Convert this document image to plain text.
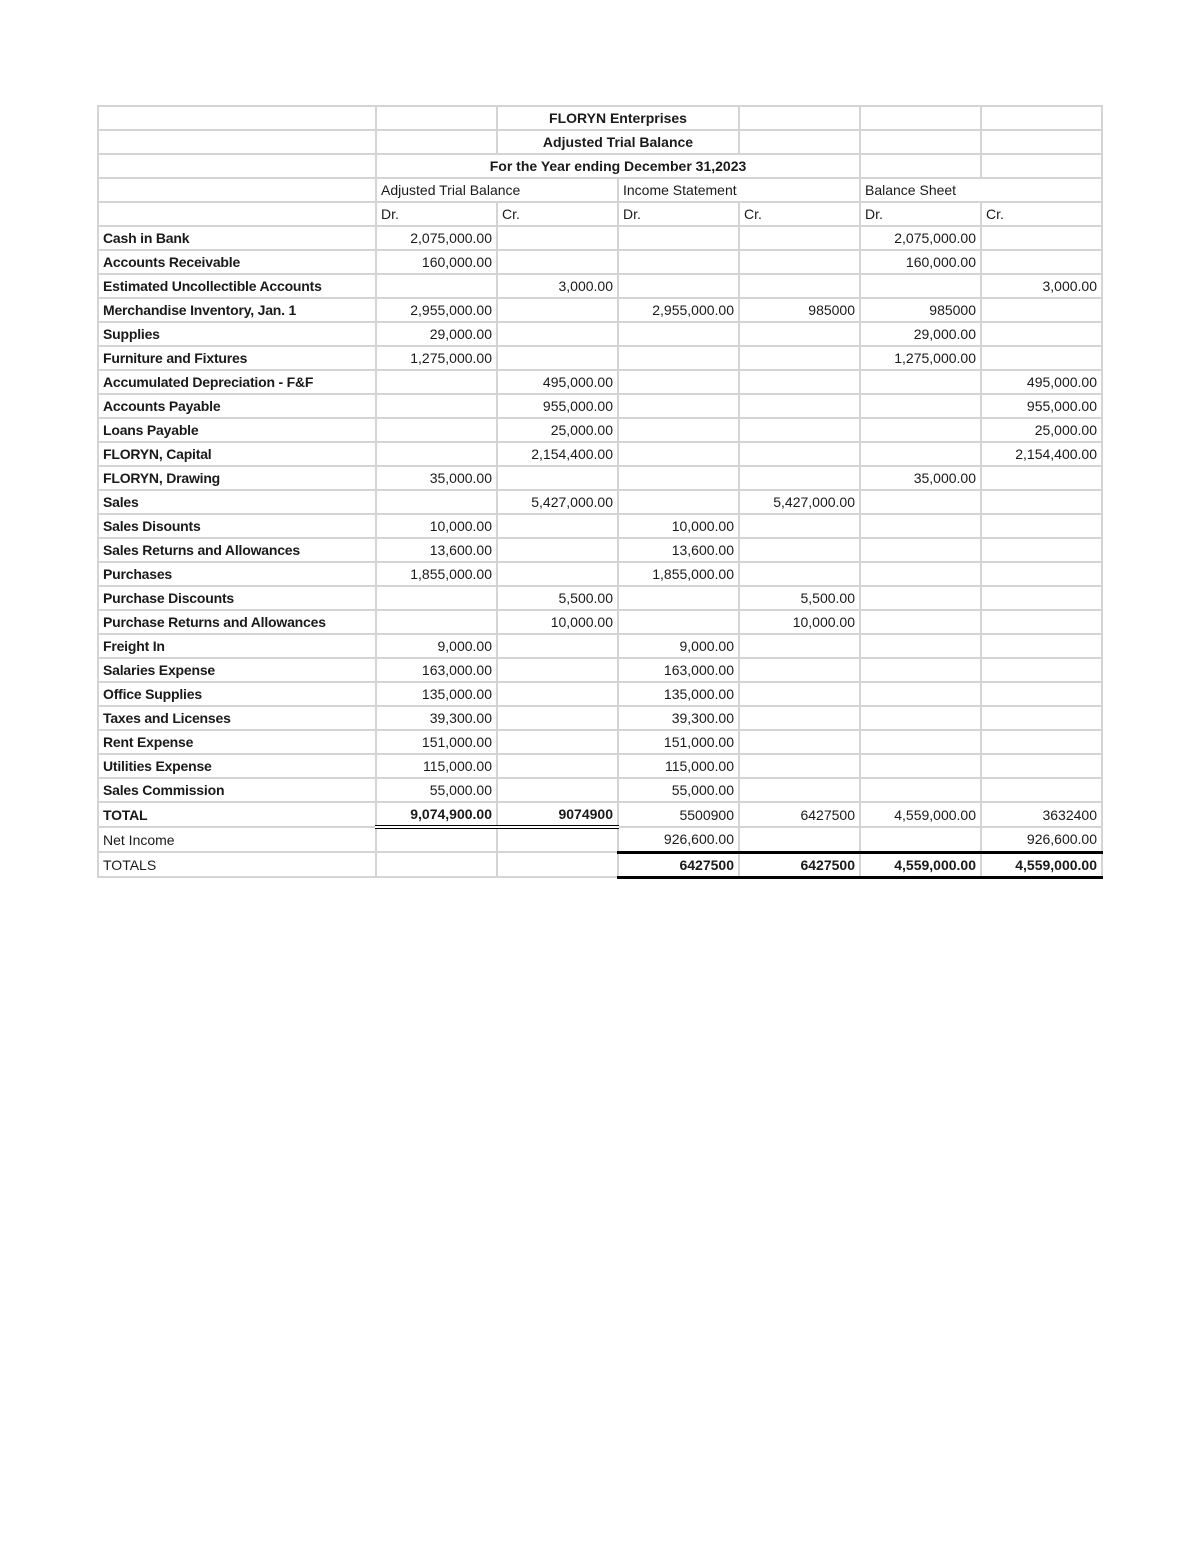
		FLORYN Enterprises				
		Adjusted Trial Balance				
	For the Year ending December 31,2023					
	Adjusted Trial Balance		Income Statement		Balance Sheet	
	Dr.	Cr.	Dr.	Cr.	Dr.	Cr.
Cash in Bank	2,075,000.00				2,075,000.00	
Accounts Receivable	160,000.00				160,000.00	
Estimated Uncollectible Accounts		3,000.00				3,000.00
Merchandise Inventory, Jan. 1	2,955,000.00		2,955,000.00	985000	985000	
Supplies	29,000.00				29,000.00	
Furniture and Fixtures	1,275,000.00				1,275,000.00	
Accumulated Depreciation - F&F		495,000.00				495,000.00
Accounts Payable		955,000.00				955,000.00
Loans Payable		25,000.00				25,000.00
FLORYN, Capital		2,154,400.00				2,154,400.00
FLORYN, Drawing	35,000.00				35,000.00	
Sales		5,427,000.00		5,427,000.00		
Sales Disounts	10,000.00		10,000.00			
Sales Returns and Allowances	13,600.00		13,600.00			
Purchases	1,855,000.00		1,855,000.00			
Purchase Discounts		5,500.00		5,500.00		
Purchase Returns and Allowances		10,000.00		10,000.00		
Freight In	9,000.00		9,000.00			
Salaries Expense	163,000.00		163,000.00			
Office Supplies	135,000.00		135,000.00			
Taxes and Licenses	39,300.00		39,300.00			
Rent Expense	151,000.00		151,000.00			
Utilities Expense	115,000.00		115,000.00			
Sales Commission	55,000.00		55,000.00			
TOTAL	9,074,900.00	9074900	5500900	6427500	4,559,000.00	3632400
Net Income			926,600.00			926,600.00
TOTALS			6427500	6427500	4,559,000.00	4,559,000.00
